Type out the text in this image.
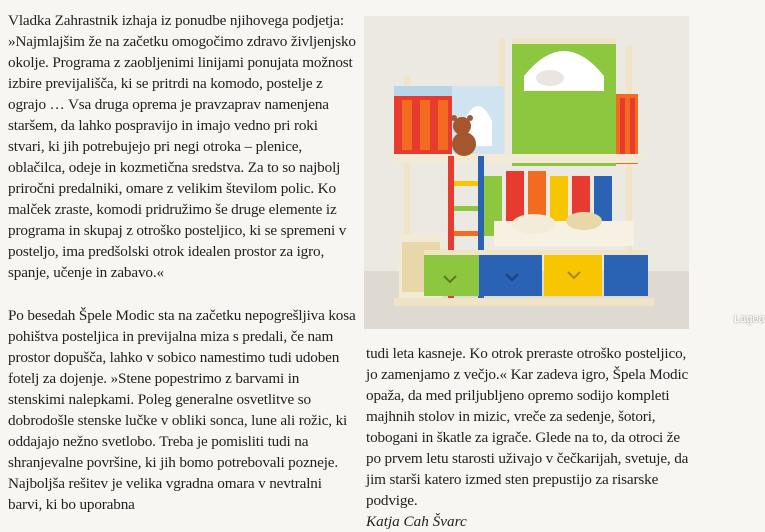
Vladka Zahrastnik izhaja iz ponudbe njihovega podjetja: »Najmlajšim že na začetku omogočimo zdravo življenjsko okolje. Programa z zaobljenimi linijami ponujata možnost izbire previjališča, ki se pritrdi na komodo, postelje z ograjo … Vsa druga oprema je pravzaprav namenjena staršem, da lahko pospravijo in imajo vedno pri roki stvari, ki jih potrebujejo pri negi otroka – plenice, oblačilca, odeje in kozmetična sredstva. Za to so najbolj priročni predalniki, omare z velikim številom polic. Ko malček zraste, komodi pridružimo še druge elemente iz programa in skupaj z otroško posteljico, ki se spremeni v posteljo, ima predšolski otrok idealen prostor za igro, spanje, učenje in zabavo.«

Po besedah Špele Modic sta na začetku nepogrešljiva kosa pohištva posteljica in previjalna miza s predali, če nam prostor dopušča, lahko v sobico namestimo tudi udoben fotelj za dojenje. »Stene popestrimo z barvami in stenskimi nalepkami. Poleg generalne osvetlitve so dobrodošle stenske lučke v obliki sonca, lune ali rožic, ki oddajajo nežno svetlobo. Treba je pomisliti tudi na shranjevalne površine, ki jih bomo potrebovali pozneje. Najboljša rešitev je velika vgradna omara v nevtralni barvi, ki bo uporabna

Lagea

tudi leta kasneje. Ko otrok preraste otroško posteljico, jo zamenjamo z večjo.« Kar zadeva igro, Špela Modic opaža, da med priljubljeno opremo sodijo kompleti majhnih stolov in mizic, vreče za sedenje, šotori, tobogani in škatle za igrače. Glede na to, da otroci že po prvem letu starosti uživajo v čečkarijah, svetuje, da jim starši katero izmed sten prepustijo za risarske podvige.

Katja Cah Švarc
